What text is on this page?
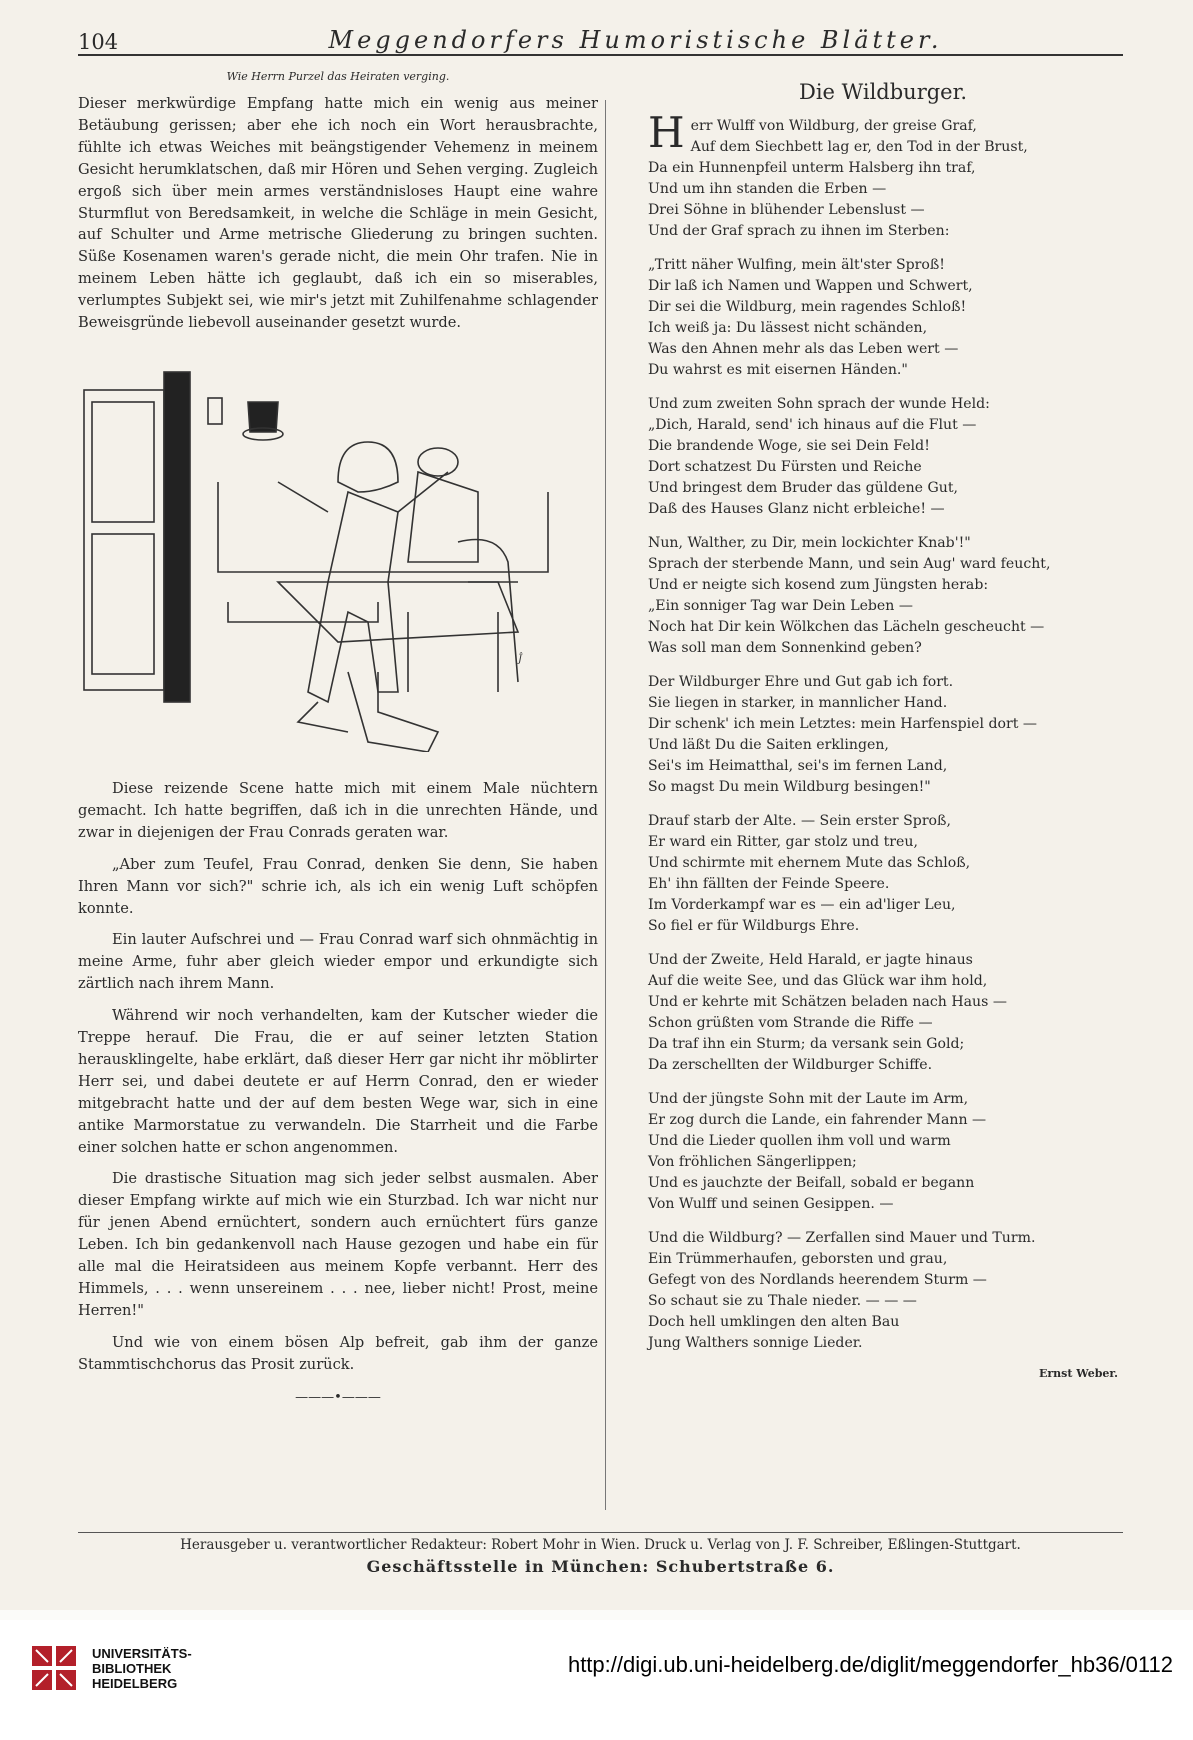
104	Meggendorfers Humoristische Blätter.
Wie Herrn Purzel das Heiraten verging.

Dieser merkwürdige Empfang hatte mich ein wenig aus meiner Betäubung gerissen; aber ehe ich noch ein Wort herausbrachte, fühlte ich etwas Weiches mit beängstigender Vehemenz in meinem Gesicht herumklatschen, daß mir Hören und Sehen verging. Zugleich ergoß sich über mein armes verständnisloses Haupt eine wahre Sturmflut von Beredsamkeit, in welche die Schläge in mein Gesicht, auf Schulter und Arme metrische Gliederung zu bringen suchten. Süße Kosenamen waren's gerade nicht, die mein Ohr trafen. Nie in meinem Leben hätte ich geglaubt, daß ich ein so miserables, verlumptes Subjekt sei, wie mir's jetzt mit Zuhilfenahme schlagender Beweisgründe liebevoll auseinander gesetzt wurde.

Ĵ

Diese reizende Scene hatte mich mit einem Male nüchtern gemacht. Ich hatte begriffen, daß ich in die unrechten Hände, und zwar in diejenigen der Frau Conrads geraten war.

„Aber zum Teufel, Frau Conrad, denken Sie denn, Sie haben Ihren Mann vor sich?" schrie ich, als ich ein wenig Luft schöpfen konnte.

Ein lauter Aufschrei und — Frau Conrad warf sich ohnmächtig in meine Arme, fuhr aber gleich wieder empor und erkundigte sich zärtlich nach ihrem Mann.

Während wir noch verhandelten, kam der Kutscher wieder die Treppe herauf. Die Frau, die er auf seiner letzten Station herausklingelte, habe erklärt, daß dieser Herr gar nicht ihr möblirter Herr sei, und dabei deutete er auf Herrn Conrad, den er wieder mitgebracht hatte und der auf dem besten Wege war, sich in eine antike Marmorstatue zu verwandeln. Die Starrheit und die Farbe einer solchen hatte er schon angenommen.

Die drastische Situation mag sich jeder selbst ausmalen. Aber dieser Empfang wirkte auf mich wie ein Sturzbad. Ich war nicht nur für jenen Abend ernüchtert, sondern auch ernüchtert fürs ganze Leben. Ich bin gedankenvoll nach Hause gezogen und habe ein für alle mal die Heiratsideen aus meinem Kopfe verbannt. Herr des Himmels, . . . wenn unsereinem . . . nee, lieber nicht! Prost, meine Herren!"

Und wie von einem bösen Alp befreit, gab ihm der ganze Stammtischchorus das Prosit zurück.

———•———
Die Wildburger.
H err Wulff von Wildburg, der greise Graf,
Auf dem Siechbett lag er, den Tod in der Brust,
Da ein Hunnenpfeil unterm Halsberg ihn traf,
Und um ihn standen die Erben —
Drei Söhne in blühender Lebenslust —
Und der Graf sprach zu ihnen im Sterben:
„Tritt näher Wulfing, mein ält'ster Sproß!
Dir laß ich Namen und Wappen und Schwert,
Dir sei die Wildburg, mein ragendes Schloß!
Ich weiß ja: Du lässest nicht schänden,
Was den Ahnen mehr als das Leben wert —
Du wahrst es mit eisernen Händen."
Und zum zweiten Sohn sprach der wunde Held:
„Dich, Harald, send' ich hinaus auf die Flut —
Die brandende Woge, sie sei Dein Feld!
Dort schatzest Du Fürsten und Reiche
Und bringest dem Bruder das güldene Gut,
Daß des Hauses Glanz nicht erbleiche! —
Nun, Walther, zu Dir, mein lockichter Knab'!"
Sprach der sterbende Mann, und sein Aug' ward feucht,
Und er neigte sich kosend zum Jüngsten herab:
„Ein sonniger Tag war Dein Leben —
Noch hat Dir kein Wölkchen das Lächeln gescheucht —
Was soll man dem Sonnenkind geben?
Der Wildburger Ehre und Gut gab ich fort.
Sie liegen in starker, in mannlicher Hand.
Dir schenk' ich mein Letztes: mein Harfenspiel dort —
Und läßt Du die Saiten erklingen,
Sei's im Heimatthal, sei's im fernen Land,
So magst Du mein Wildburg besingen!"
Drauf starb der Alte. — Sein erster Sproß,
Er ward ein Ritter, gar stolz und treu,
Und schirmte mit ehernem Mute das Schloß,
Eh' ihn fällten der Feinde Speere.
Im Vorderkampf war es — ein ad'liger Leu,
So fiel er für Wildburgs Ehre.
Und der Zweite, Held Harald, er jagte hinaus
Auf die weite See, und das Glück war ihm hold,
Und er kehrte mit Schätzen beladen nach Haus —
Schon grüßten vom Strande die Riffe —
Da traf ihn ein Sturm; da versank sein Gold;
Da zerschellten der Wildburger Schiffe.
Und der jüngste Sohn mit der Laute im Arm,
Er zog durch die Lande, ein fahrender Mann —
Und die Lieder quollen ihm voll und warm
Von fröhlichen Sängerlippen;
Und es jauchzte der Beifall, sobald er begann
Von Wulff und seinen Gesippen. —
Und die Wildburg? — Zerfallen sind Mauer und Turm.
Ein Trümmerhaufen, geborsten und grau,
Gefegt von des Nordlands heerendem Sturm —
So schaut sie zu Thale nieder. — — —
Doch hell umklingen den alten Bau
Jung Walthers sonnige Lieder.
Ernst Weber.
Herausgeber u. verantwortlicher Redakteur: Robert Mohr in Wien. Druck u. Verlag von J. F. Schreiber, Eßlingen-Stuttgart.
Geschäftsstelle in München: Schubertstraße 6.
UNIVERSITÄTS-
BIBLIOTHEK
HEIDELBERG
http://digi.ub.uni-heidelberg.de/diglit/meggendorfer_hb36/0112
